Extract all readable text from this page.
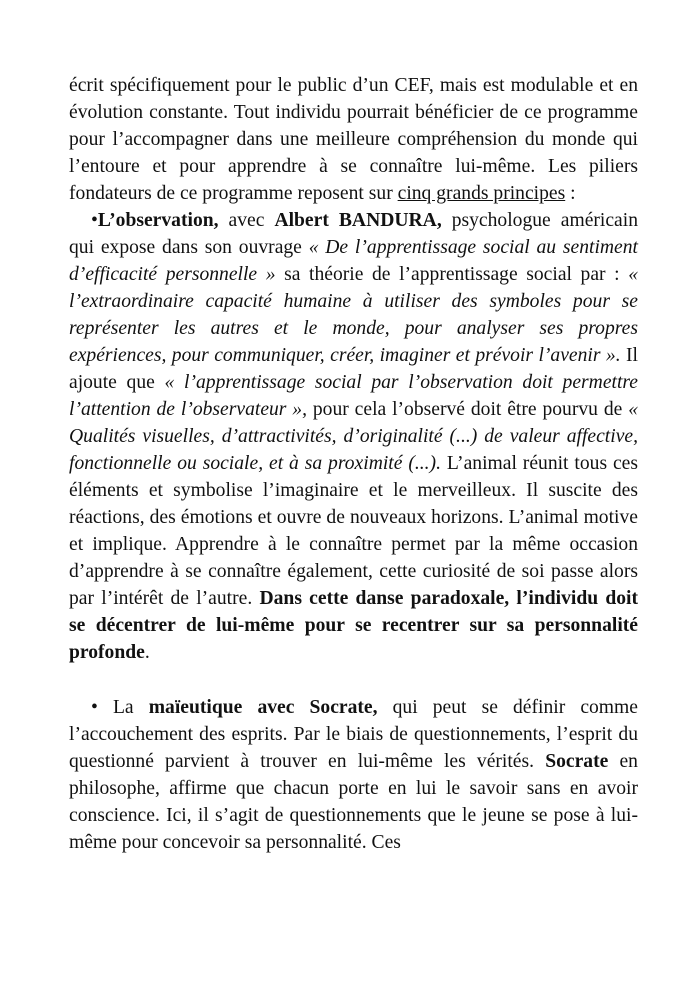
écrit spécifiquement pour le public d’un CEF, mais est modulable et en évolution constante. Tout individu pourrait bénéficier de ce programme pour l’accompagner dans une meilleure compréhension du monde qui l’entoure et pour apprendre à se connaître lui-même. Les piliers fondateurs de ce programme reposent sur cinq grands principes :

•L’observation, avec Albert BANDURA, psychologue américain qui expose dans son ouvrage « De l’apprentissage social au sentiment d’efficacité personnelle » sa théorie de l’apprentissage social par : « l’extraordinaire capacité humaine à utiliser des symboles pour se représenter les autres et le monde, pour analyser ses propres expériences, pour communiquer, créer, imaginer et prévoir l’avenir ». Il ajoute que « l’apprentissage social par l’observation doit permettre l’attention de l’observateur », pour cela l’observé doit être pourvu de « Qualités visuelles, d’attractivités, d’originalité (...) de valeur affective, fonctionnelle ou sociale, et à sa proximité (...). L’animal réunit tous ces éléments et symbolise l’imaginaire et le merveilleux. Il suscite des réactions, des émotions et ouvre de nouveaux horizons. L’animal motive et implique. Apprendre à le connaître permet par la même occasion d’apprendre à se connaître également, cette curiosité de soi passe alors par l’intérêt de l’autre. Dans cette danse paradoxale, l’individu doit se décentrer de lui-même pour se recentrer sur sa personnalité profonde.

• La maïeutique avec Socrate, qui peut se définir comme l’accouchement des esprits. Par le biais de questionnements, l’esprit du questionné parvient à trouver en lui-même les vérités. Socrate en philosophe, affirme que chacun porte en lui le savoir sans en avoir conscience. Ici, il s’agit de questionnements que le jeune se pose à lui-même pour concevoir sa personnalité. Ces
